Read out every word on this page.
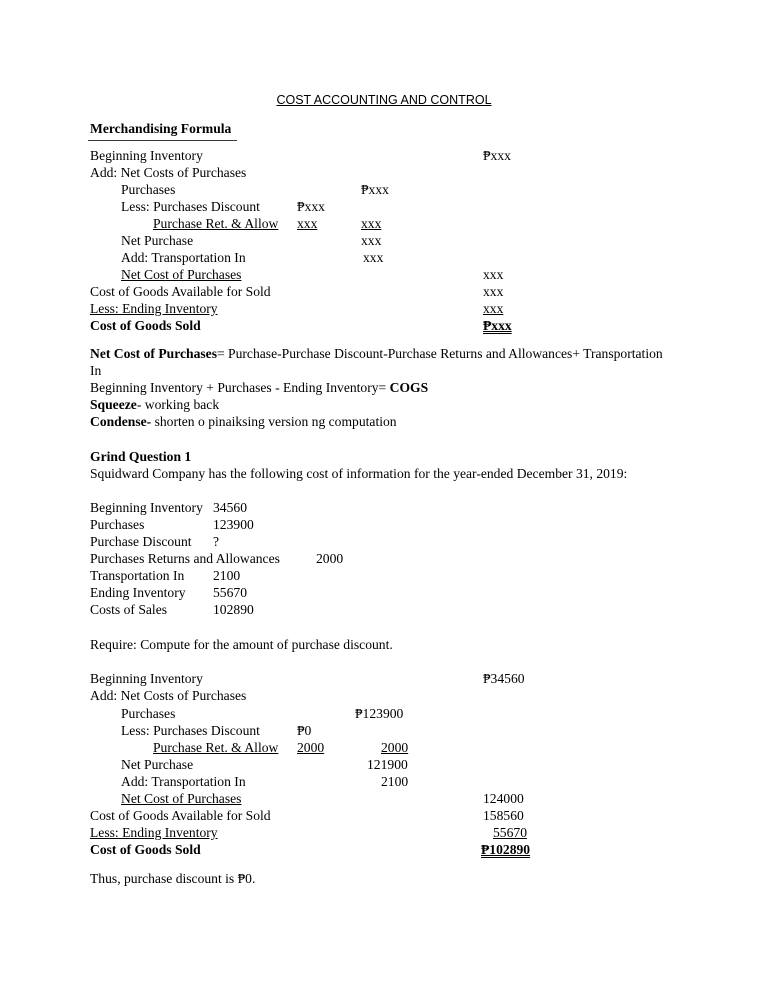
COST ACCOUNTING AND CONTROL
Merchandising Formula
Beginning Inventory	₱xxx
Add: Net Costs of Purchases
Purchases	₱xxx
Less: Purchases Discount	₱xxx
Purchase Ret. & Allow xxx	xxx
Net Purchase	xxx
Add: Transportation In	xxx
Net Cost of Purchases	xxx
Cost of Goods Available for Sold	xxx
Less: Ending Inventory	xxx
Cost of Goods Sold	₱xxx
Net Cost of Purchases= Purchase-Purchase Discount-Purchase Returns and Allowances+ Transportation In
Beginning Inventory + Purchases - Ending Inventory= COGS
Squeeze- working back
Condense- shorten o pinaiksing version ng computation
Grind Question 1
Squidward Company has the following cost of information for the year-ended December 31, 2019:
Beginning Inventory 34560
Purchases	123900
Purchase Discount ?
Purchases Returns and Allowances	2000
Transportation In 2100
Ending Inventory 55670
Costs of Sales	102890
Require: Compute for the amount of purchase discount.
Beginning Inventory	₱34560
Add: Net Costs of Purchases
Purchases	₱123900
Less: Purchases Discount	₱0
Purchase Ret. & Allow 2000	2000
Net Purchase	121900
Add: Transportation In	2100
Net Cost of Purchases	124000
Cost of Goods Available for Sold	158560
Less: Ending Inventory	55670
Cost of Goods Sold	₱102890
Thus, purchase discount is ₱0.
